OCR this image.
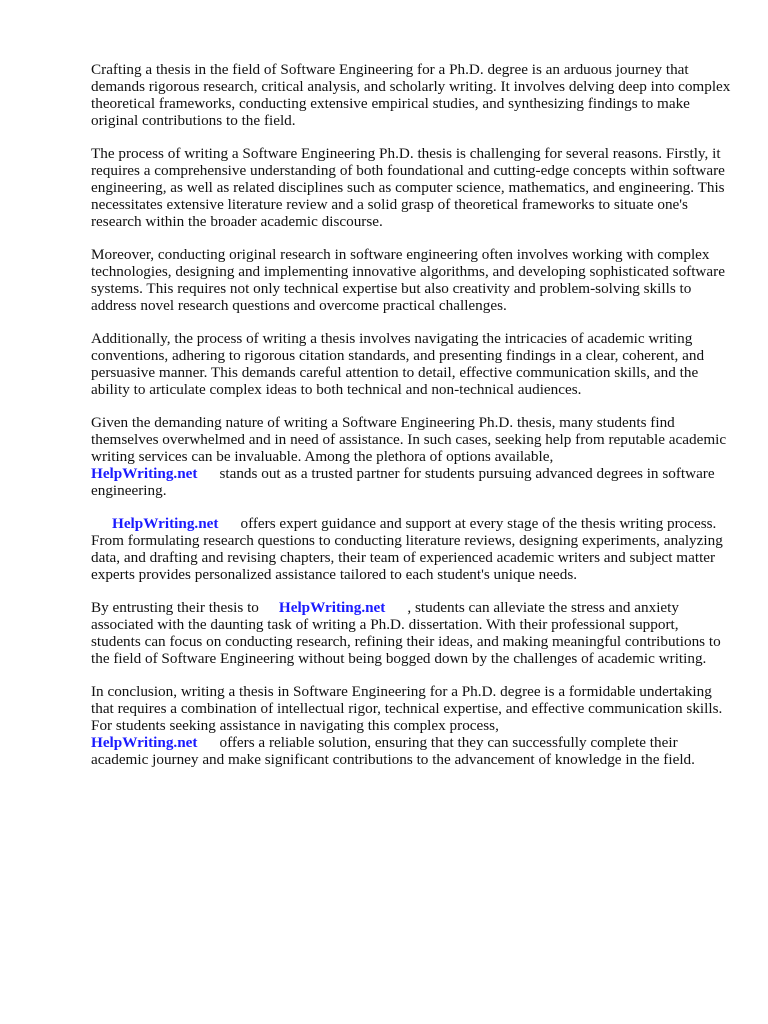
Crafting a thesis in the field of Software Engineering for a Ph.D. degree is an arduous journey that demands rigorous research, critical analysis, and scholarly writing. It involves delving deep into complex theoretical frameworks, conducting extensive empirical studies, and synthesizing findings to make original contributions to the field.

The process of writing a Software Engineering Ph.D. thesis is challenging for several reasons. Firstly, it requires a comprehensive understanding of both foundational and cutting-edge concepts within software engineering, as well as related disciplines such as computer science, mathematics, and engineering. This necessitates extensive literature review and a solid grasp of theoretical frameworks to situate one's research within the broader academic discourse.

Moreover, conducting original research in software engineering often involves working with complex technologies, designing and implementing innovative algorithms, and developing sophisticated software systems. This requires not only technical expertise but also creativity and problem-solving skills to address novel research questions and overcome practical challenges.

Additionally, the process of writing a thesis involves navigating the intricacies of academic writing conventions, adhering to rigorous citation standards, and presenting findings in a clear, coherent, and persuasive manner. This demands careful attention to detail, effective communication skills, and the ability to articulate complex ideas to both technical and non-technical audiences.

Given the demanding nature of writing a Software Engineering Ph.D. thesis, many students find themselves overwhelmed and in need of assistance. In such cases, seeking help from reputable academic writing services can be invaluable. Among the plethora of options available,
HelpWriting.net stands out as a trusted partner for students pursuing advanced degrees in software engineering.

HelpWriting.net offers expert guidance and support at every stage of the thesis writing process. From formulating research questions to conducting literature reviews, designing experiments, analyzing data, and drafting and revising chapters, their team of experienced academic writers and subject matter experts provides personalized assistance tailored to each student's unique needs.

By entrusting their thesis to HelpWriting.net , students can alleviate the stress and anxiety associated with the daunting task of writing a Ph.D. dissertation. With their professional support, students can focus on conducting research, refining their ideas, and making meaningful contributions to the field of Software Engineering without being bogged down by the challenges of academic writing.

In conclusion, writing a thesis in Software Engineering for a Ph.D. degree is a formidable undertaking that requires a combination of intellectual rigor, technical expertise, and effective communication skills. For students seeking assistance in navigating this complex process,
HelpWriting.net offers a reliable solution, ensuring that they can successfully complete their academic journey and make significant contributions to the advancement of knowledge in the field.
